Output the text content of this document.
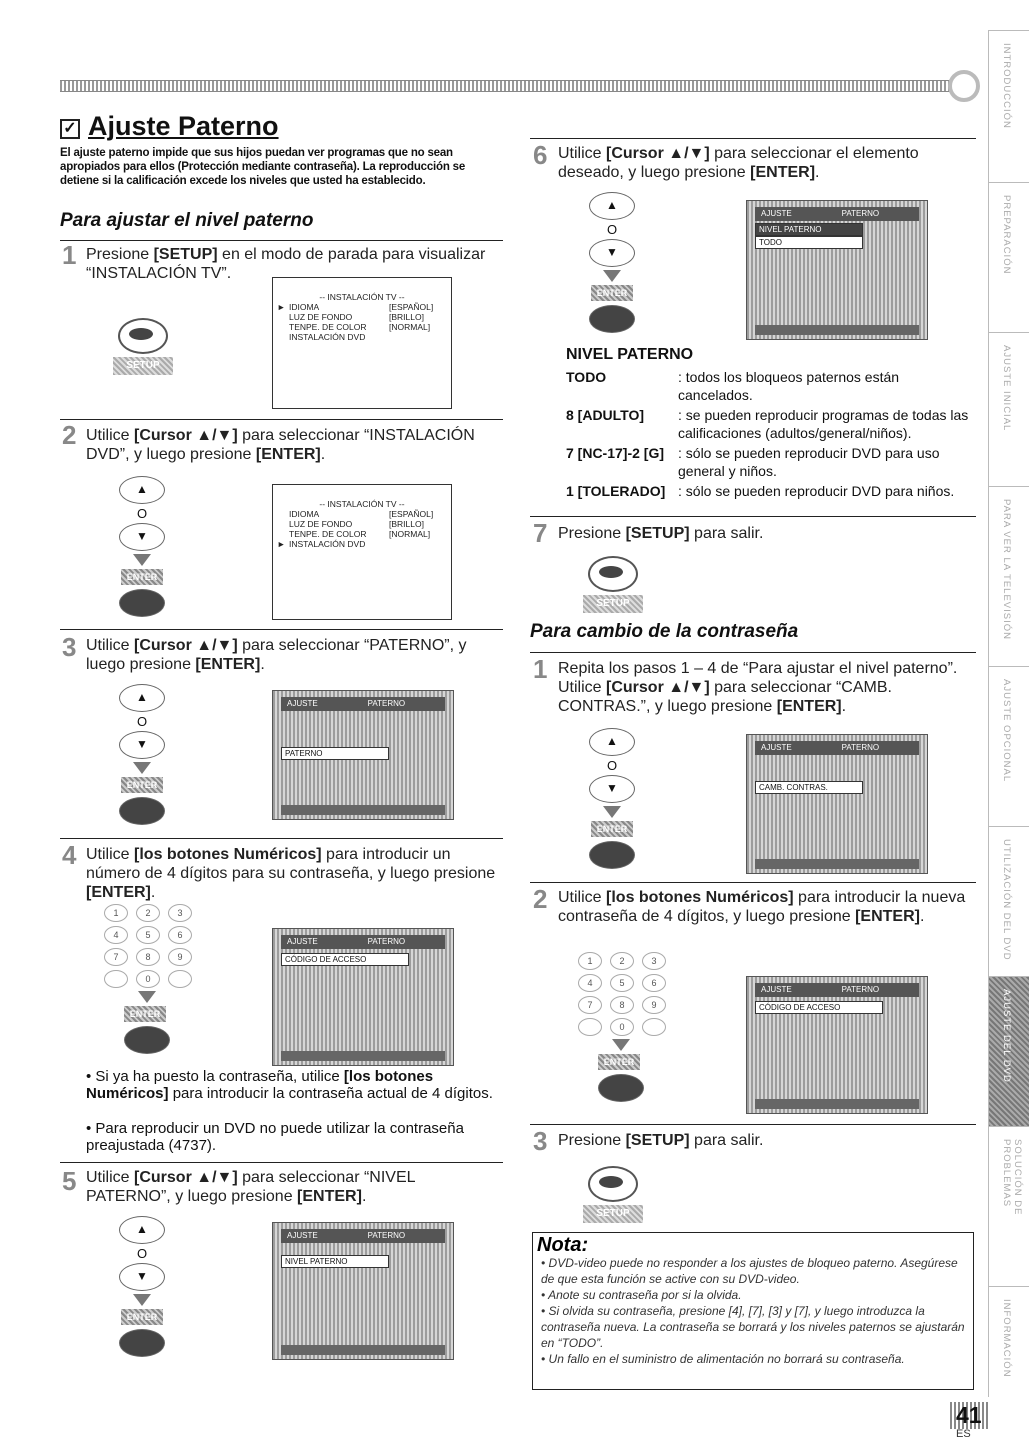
✓ Ajuste Paterno
El ajuste paterno impide que sus hijos puedan ver programas que no sean apropiados para ellos (Protección mediante contraseña). La reproducción se detiene si la calificación excede los niveles que usted ha establecido.
Para ajustar el nivel paterno
1 Presione [SETUP] en el modo de parada para visualizar “INSTALACIÓN TV”.
SETUP
-- INSTALACIÓN TV --
► IDIOMA	[ESPAÑOL]
LUZ DE FONDO	[BRILLO]
TENPE. DE COLOR	[NORMAL]
INSTALACIÓN DVD
2 Utilice [Cursor ▲/▼] para seleccionar “INSTALACIÓN DVD”, y luego presione [ENTER].
▲
O
▼
ENTER
-- INSTALACIÓN TV --
IDIOMA	[ESPAÑOL]
LUZ DE FONDO	[BRILLO]
TENPE. DE COLOR	[NORMAL]
► INSTALACIÓN DVD
3 Utilice [Cursor ▲/▼] para seleccionar “PATERNO”, y luego presione [ENTER].
▲
O
▼
ENTER
AJUSTE	PATERNO
PATERNO
4 Utilice [los botones Numéricos] para introducir un número de 4 dígitos para su contraseña, y luego presione [ENTER].
1	2	3
4	5	6
7	8	9
0
ENTER
AJUSTE	PATERNO
CÓDIGO DE ACCESO
• Si ya ha puesto la contraseña, utilice [los botones Numéricos] para introducir la contraseña actual de 4 dígitos.
• Para reproducir un DVD no puede utilizar la contraseña preajustada (4737).
5 Utilice [Cursor ▲/▼] para seleccionar “NIVEL PATERNO”, y luego presione [ENTER].
▲
O
▼
ENTER
AJUSTE	PATERNO
NIVEL PATERNO
6 Utilice [Cursor ▲/▼] para seleccionar el elemento deseado, y luego presione [ENTER].
▲
O
▼
ENTER
AJUSTE	PATERNO
NIVEL PATERNO
TODO
NIVEL PATERNO
TODO	: todos los bloqueos paternos están cancelados.
8 [ADULTO]	: se pueden reproducir programas de todas las calificaciones (adultos/general/niños).
7 [NC-17]-2 [G] : sólo se pueden reproducir DVD para uso general y niños.
1 [TOLERADO] : sólo se pueden reproducir DVD para niños.
7 Presione [SETUP] para salir.
SETUP
Para cambio de la contraseña
1 Repita los pasos 1 – 4 de “Para ajustar el nivel paterno”. Utilice [Cursor ▲/▼] para seleccionar “CAMB. CONTRAS.”, y luego presione [ENTER].
▲
O
▼
ENTER
AJUSTE	PATERNO
CAMB. CONTRAS.
2 Utilice [los botones Numéricos] para introducir la nueva contraseña de 4 dígitos, y luego presione [ENTER].
1	2	3
4	5	6
7	8	9
0
ENTER
AJUSTE	PATERNO
CÓDIGO DE ACCESO
3 Presione [SETUP] para salir.
SETUP
Nota:
• DVD-video puede no responder a los ajustes de bloqueo paterno. Asegúrese de que esta función se active con su DVD-video.
• Anote su contraseña por si la olvida.
• Si olvida su contraseña, presione [4], [7], [3] y [7], y luego introduzca la contraseña nueva. La contraseña se borrará y los niveles paternos se ajustarán en “TODO”.
• Un fallo en el suministro de alimentación no borrará su contraseña.
INTRODUCCIÓN
PREPARACIÓN
AJUSTE INICIAL
PARA VER LA TELEVISIÓN
AJUSTE OPCIONAL
UTILIZACIÓN DEL DVD
AJUSTE DEL DVD
SOLUCIÓN DE PROBLEMAS
INFORMACIÓN
41
ES
